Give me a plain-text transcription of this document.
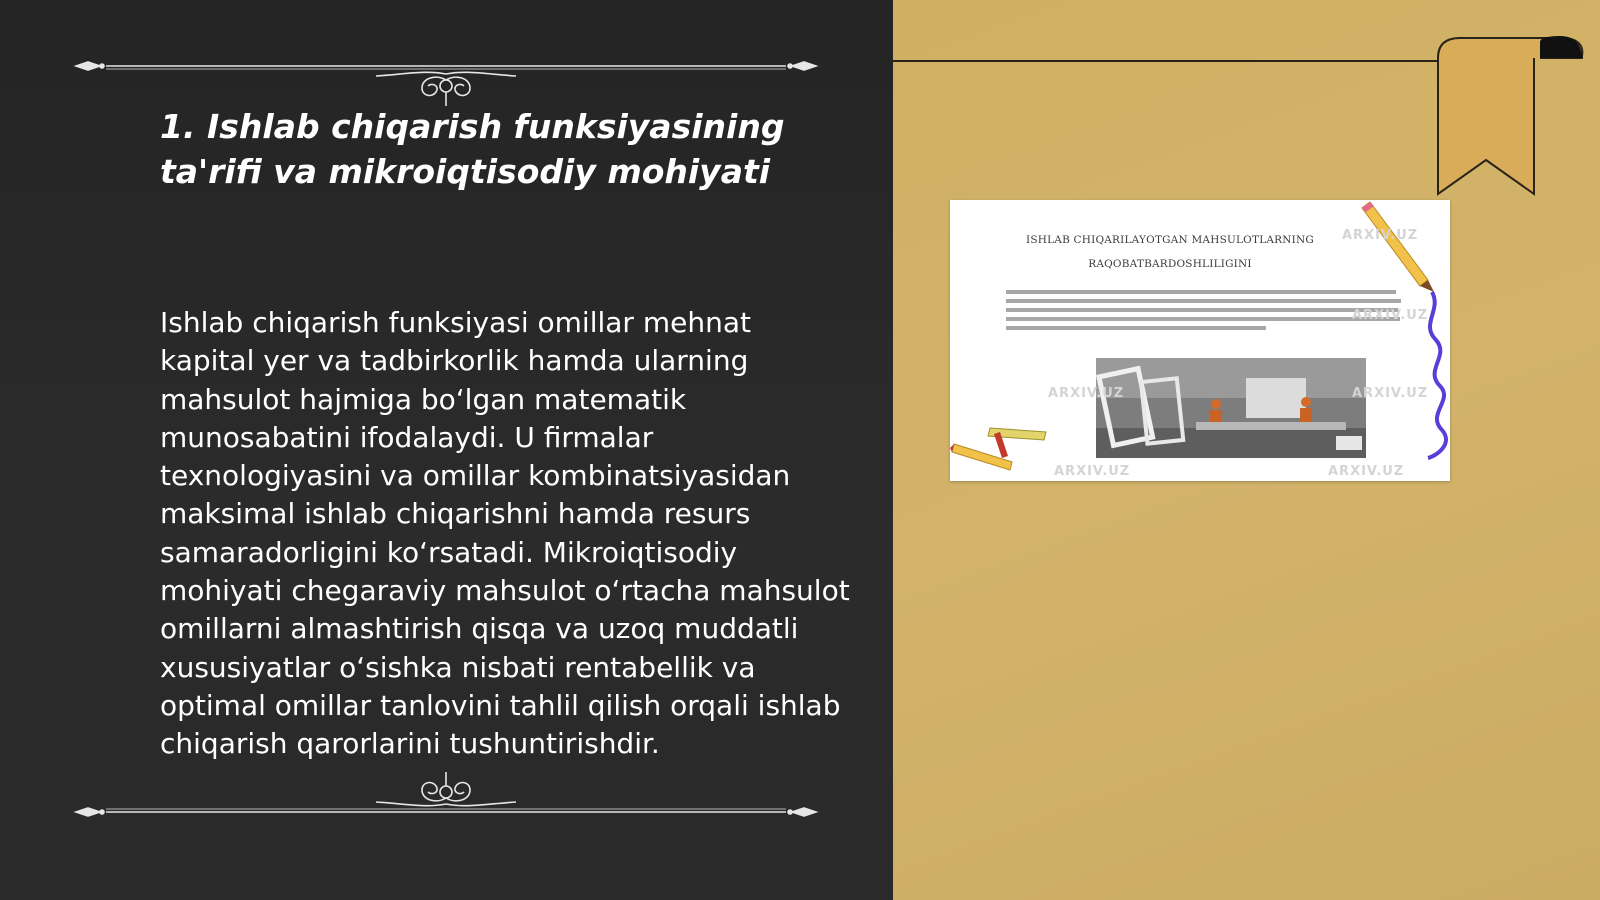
1. Ishlab chiqarish funksiyasining ta'rifi va mikroiqtisodiy mohiyati

Ishlab chiqarish funksiyasi omillar mehnat kapital yer va tadbirkorlik hamda ularning mahsulot hajmiga bo‘lgan matematik munosabatini ifodalaydi. U firmalar texnologiyasini va omillar kombinatsiyasidan maksimal ishlab chiqarishni hamda resurs samaradorligini ko‘rsatadi. Mikroiqtisodiy mohiyati chegaraviy mahsulot o‘rtacha mahsulot omillarni almashtirish qisqa va uzoq muddatli xususiyatlar o‘sishka nisbati rentabellik va optimal omillar tanlovini tahlil qilish orqali ishlab chiqarish qarorlarini tushuntirishdir.

ISHLAB CHIQARILAYOTGAN MAHSULOTLARNING
RAQOBATBARDOSHLILIGINI
ARXIV.UZ
ARXIV.UZ
ARXIV.UZ	ARXIV.UZ
ARXIV.UZ	ARXIV.UZ
